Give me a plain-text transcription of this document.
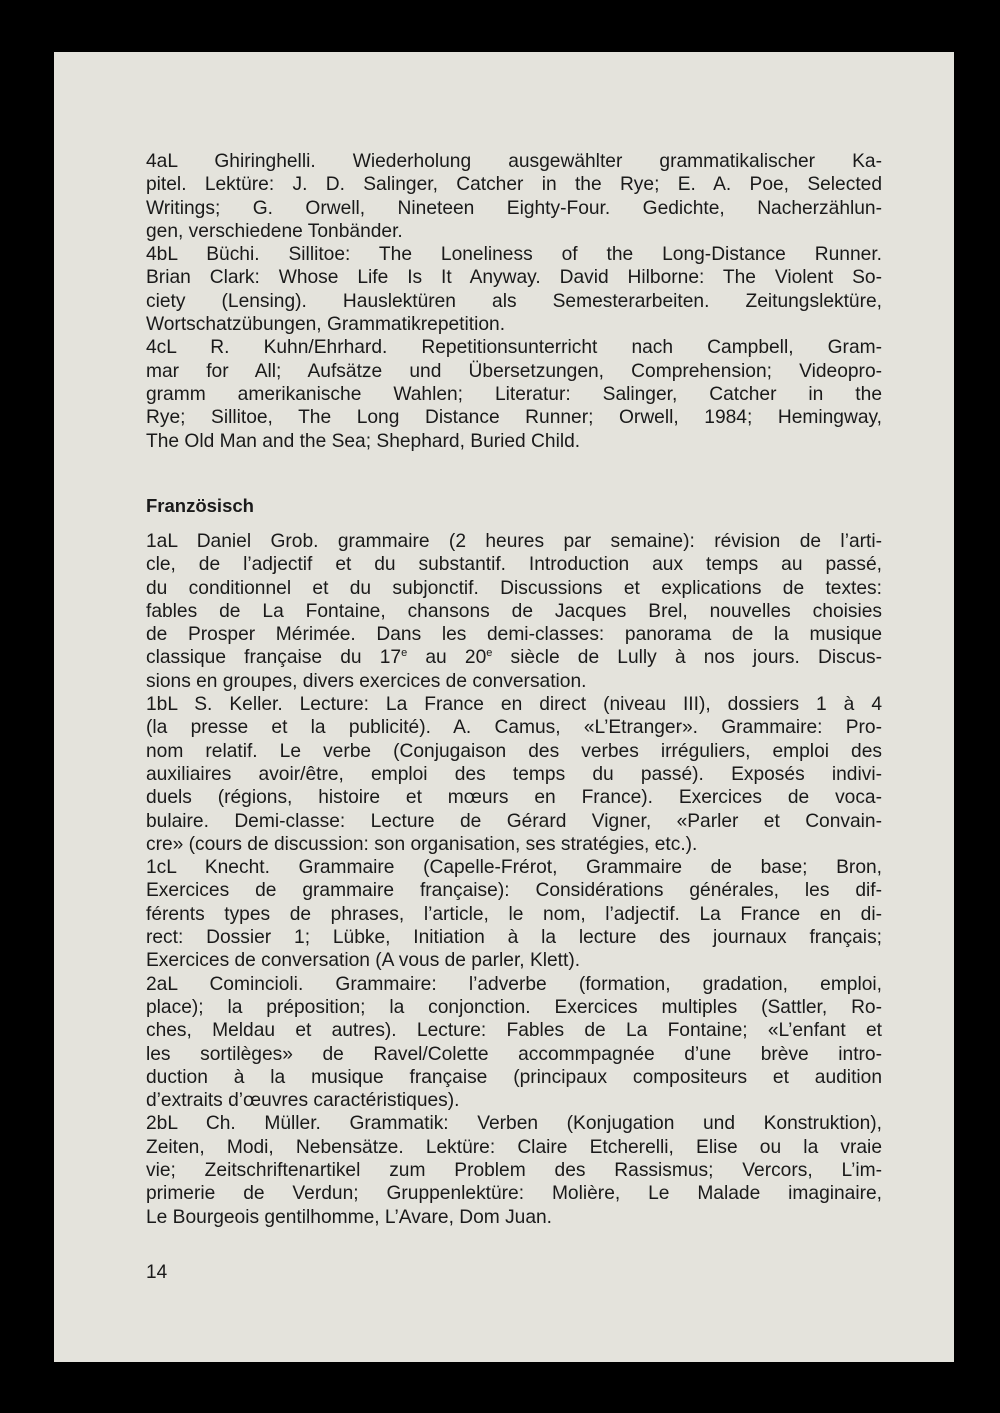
4aL Ghiringhelli. Wiederholung ausgewählter grammatikalischer Ka-
pitel. Lektüre: J. D. Salinger, Catcher in the Rye; E. A. Poe, Selected
Writings; G. Orwell, Nineteen Eighty-Four. Gedichte, Nacherzählun-
gen, verschiedene Tonbänder.
4bL Büchi. Sillitoe: The Loneliness of the Long-Distance Runner.
Brian Clark: Whose Life Is It Anyway. David Hilborne: The Violent So-
ciety (Lensing). Hauslektüren als Semesterarbeiten. Zeitungslektüre,
Wortschatzübungen, Grammatikrepetition.
4cL R. Kuhn/Ehrhard. Repetitionsunterricht nach Campbell, Gram-
mar for All; Aufsätze und Übersetzungen, Comprehension; Videopro-
gramm amerikanische Wahlen; Literatur: Salinger, Catcher in the
Rye; Sillitoe, The Long Distance Runner; Orwell, 1984; Hemingway,
The Old Man and the Sea; Shephard, Buried Child.
Französisch
1aL Daniel Grob. grammaire (2 heures par semaine): révision de l’arti-
cle, de l’adjectif et du substantif. Introduction aux temps au passé,
du conditionnel et du subjonctif. Discussions et explications de textes:
fables de La Fontaine, chansons de Jacques Brel, nouvelles choisies
de Prosper Mérimée. Dans les demi-classes: panorama de la musique
classique française du 17e au 20e siècle de Lully à nos jours. Discus-
sions en groupes, divers exercices de conversation.
1bL S. Keller. Lecture: La France en direct (niveau III), dossiers 1 à 4
(la presse et la publicité). A. Camus, «L’Etranger». Grammaire: Pro-
nom relatif. Le verbe (Conjugaison des verbes irréguliers, emploi des
auxiliaires avoir/être, emploi des temps du passé). Exposés indivi-
duels (régions, histoire et mœurs en France). Exercices de voca-
bulaire. Demi-classe: Lecture de Gérard Vigner, «Parler et Convain-
cre» (cours de discussion: son organisation, ses stratégies, etc.).
1cL Knecht. Grammaire (Capelle-Frérot, Grammaire de base; Bron,
Exercices de grammaire française): Considérations générales, les dif-
férents types de phrases, l’article, le nom, l’adjectif. La France en di-
rect: Dossier 1; Lübke, Initiation à la lecture des journaux français;
Exercices de conversation (A vous de parler, Klett).
2aL Comincioli. Grammaire: l’adverbe (formation, gradation, emploi,
place); la préposition; la conjonction. Exercices multiples (Sattler, Ro-
ches, Meldau et autres). Lecture: Fables de La Fontaine; «L’enfant et
les sortilèges» de Ravel/Colette accommpagnée d’une brève intro-
duction à la musique française (principaux compositeurs et audition
d’extraits d’œuvres caractéristiques).
2bL Ch. Müller. Grammatik: Verben (Konjugation und Konstruktion),
Zeiten, Modi, Nebensätze. Lektüre: Claire Etcherelli, Elise ou la vraie
vie; Zeitschriftenartikel zum Problem des Rassismus; Vercors, L’im-
primerie de Verdun; Gruppenlektüre: Molière, Le Malade imaginaire,
Le Bourgeois gentilhomme, L’Avare, Dom Juan.
14
